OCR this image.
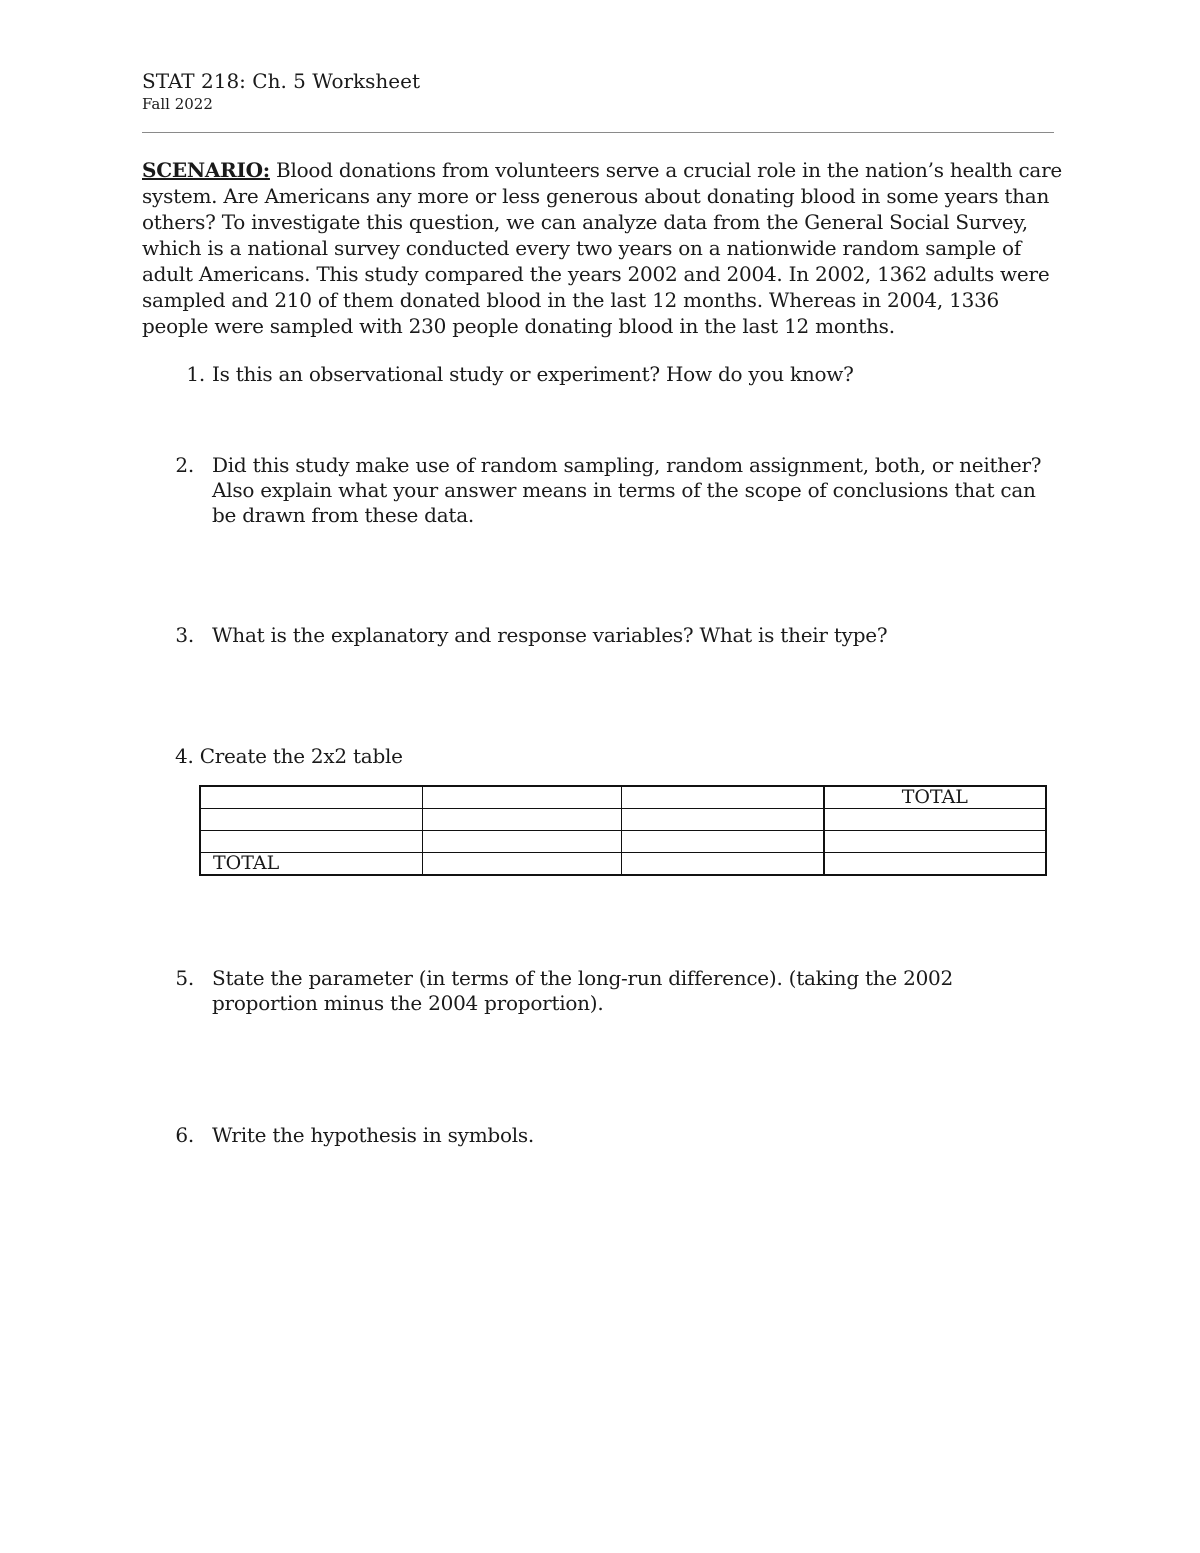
STAT 218: Ch. 5 Worksheet
Fall 2022

SCENARIO: Blood donations from volunteers serve a crucial role in the nation’s health care system. Are Americans any more or less generous about donating blood in some years than others? To investigate this question, we can analyze data from the General Social Survey, which is a national survey conducted every two years on a nationwide random sample of adult Americans. This study compared the years 2002 and 2004. In 2002, 1362 adults were sampled and 210 of them donated blood in the last 12 months. Whereas in 2004, 1336 people were sampled with 230 people donating blood in the last 12 months.

1. Is this an observational study or experiment? How do you know?
2. Did this study make use of random sampling, random assignment, both, or neither? Also explain what your answer means in terms of the scope of conclusions that can be drawn from these data.
3. What is the explanatory and response variables? What is their type?
4. Create the 2x2 table
			TOTAL

TOTAL			
5. State the parameter (in terms of the long-run difference). (taking the 2002 proportion minus the 2004 proportion).
6. Write the hypothesis in symbols.
